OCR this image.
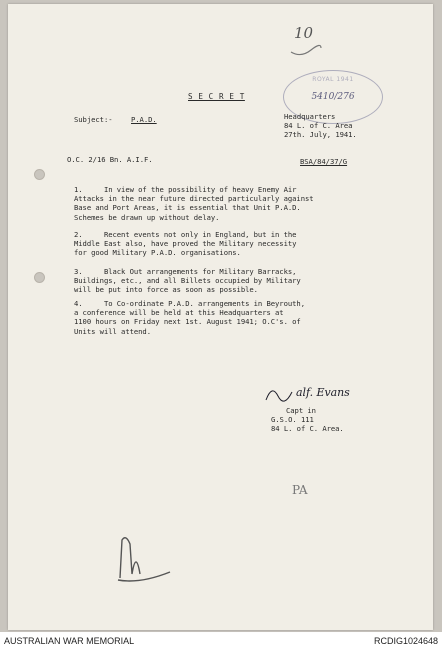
10
ROYAL 1941
5410/276
S E C R E T
Subject:-	P.A.D.	Headquarters
84 L. of C. Area
27th. July, 1941.
O.C. 2/16 Bn. A.I.F.	BSA/84/37/G
1.     In view of the possibility of heavy Enemy Air
Attacks in the near future directed particularly against
Base and Port Areas, it is essential that Unit P.A.D.
Schemes be drawn up without delay.
2.     Recent events not only in England, but in the
Middle East also, have proved the Military necessity
for good Military P.A.D. organisations.
3.     Black Out arrangements for Military Barracks,
Buildings, etc., and all Billets occupied by Military
will be put into force as soon as possible.
4.     To Co-ordinate P.A.D. arrangements in Beyrouth,
a conference will be held at this Headquarters at
1100 hours on Friday next 1st. August 1941; O.C's. of
Units will attend.
alf. Evans
Capt in
G.S.O. 111
84 L. of C. Area.
PA
AUSTRALIAN WAR MEMORIAL	RCDIG1024648
